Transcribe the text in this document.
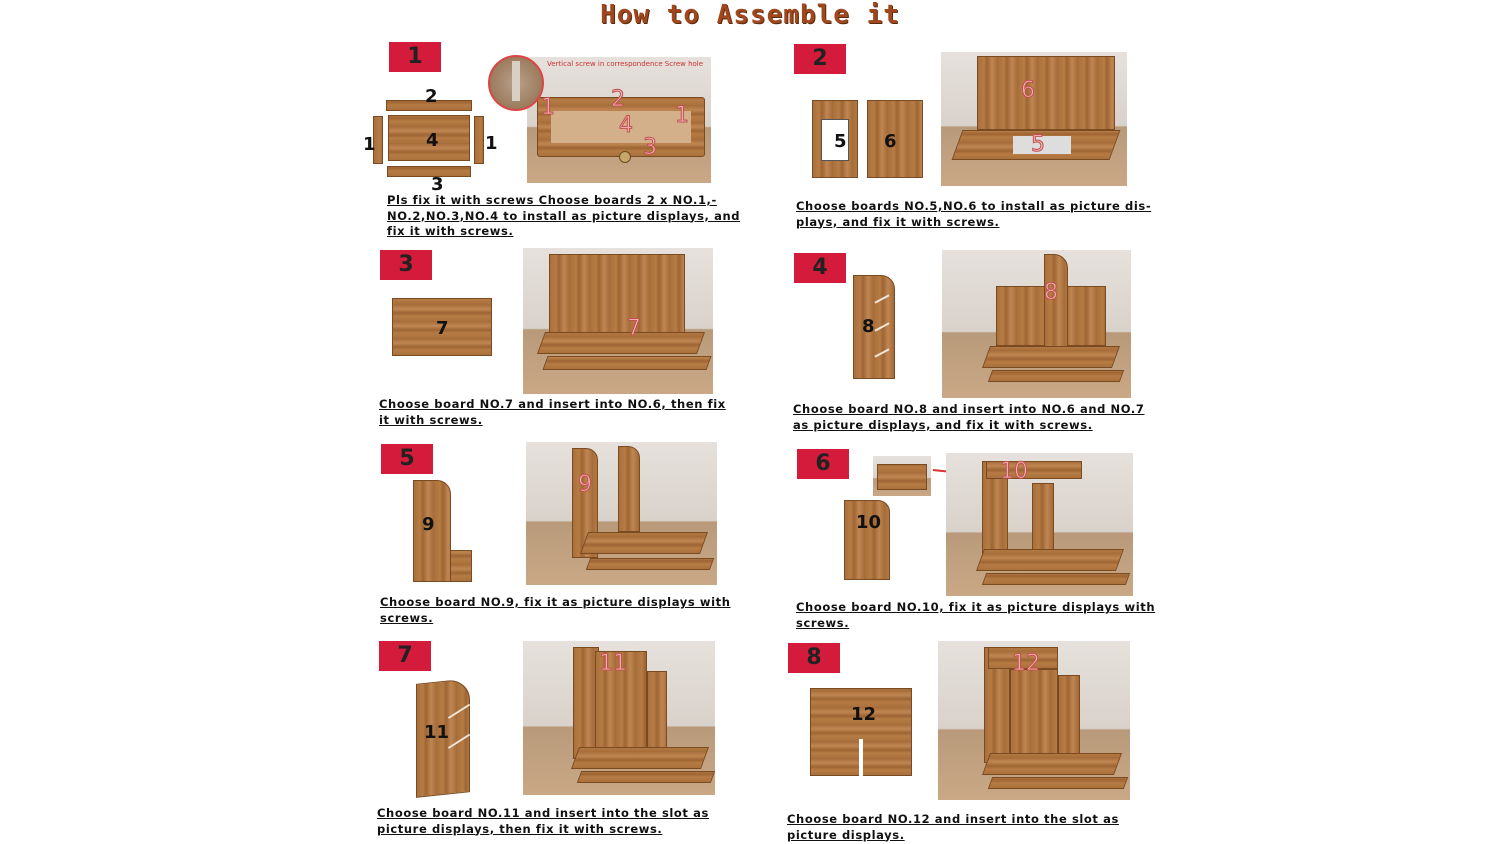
How to Assemble it
1
2
4
1	1
3
1	2
4 1
3
Vertical screw in correspondence Screw hole
Pls fix it with screws Choose boards 2 x NO.1,-
NO.2,NO.3,NO.4 to install as picture displays, and
fix it with screws.
2
5 6
6
5
Choose boards NO.5,NO.6 to install as picture dis-
plays, and fix it with screws.
3
7	7
Choose board NO.7 and insert into NO.6, then fix
it with screws.
4
8
8
Choose board NO.8 and insert into NO.6 and NO.7
as picture displays, and fix it with screws.
5
9
9
Choose board NO.9, fix it as picture displays with
screws.
6
10
10
Choose board NO.10, fix it as picture displays with
screws.
7
11
11
Choose board NO.11 and insert into the slot as
picture displays, then fix it with screws.
8
12
12
Choose board NO.12 and insert into the slot as
picture displays.
